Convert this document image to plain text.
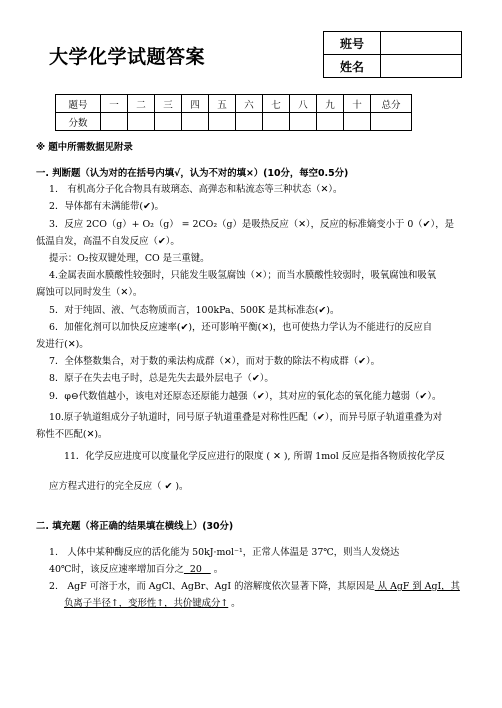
大学化学试题答案
班号	
姓名	
题号	一	二	三	四	五	六	七	八	九	十	总分
分数											
※ 题中所需数据见附录
一. 判断题（认为对的在括号内填√，认为不对的填×）(10分，每空0.5分)
1.　有机高分子化合物具有玻璃态、高弹态和粘流态等三种状态（✕）。
2．导体都有未满能带(✔)。
3．反应 2CO（g）+ O₂（g） = 2CO₂（g）是吸热反应（✕），反应的标准熵变小于 0（✔），是
低温自发，高温不自发反应（✔）。
提示：O₂按双键处理，CO 是三重键。
4.金属表面水膜酸性较强时，只能发生吸氢腐蚀（✕）；而当水膜酸性较弱时，吸氧腐蚀和吸氧
腐蚀可以同时发生（✕）。
5．对于纯固、液、气态物质而言，100kPa、500K 是其标准态(✔)。
6．加催化剂可以加快反应速率(✔)，还可影响平衡(✕)，也可使热力学认为不能进行的反应自
发进行(✕)。
7．全体整数集合，对于数的乘法构成群（✕），而对于数的除法不构成群（✔）。
8．原子在失去电子时，总是先失去最外层电子（✔）。
9．φ⊖代数值越小，该电对还原态还原能力越强（✔），其对应的氧化态的氧化能力越弱（✔）。
10.原子轨道组成分子轨道时，同号原子轨道重叠是对称性匹配（✔），而异号原子轨道重叠为对
称性不匹配(✕)。
11．化学反应进度可以度量化学反应进行的限度 ( ✕ ), 所谓 1mol 反应是指各物质按化学反
应方程式进行的完全反应（ ✔ )。
二. 填充题（将正确的结果填在横线上）(30分)
1.　人体中某种酶反应的活化能为 50kJ·mol⁻¹，正常人体温是 37℃，则当人发烧达
40℃时，该反应速率增加百分之  20    。
2.　AgF 可溶于水，而 AgCl、AgBr、AgI 的溶解度依次显著下降，其原因是 从 AgF 到 AgI，其
负离子半径↑，变形性↑，共价键成分↑ 。
